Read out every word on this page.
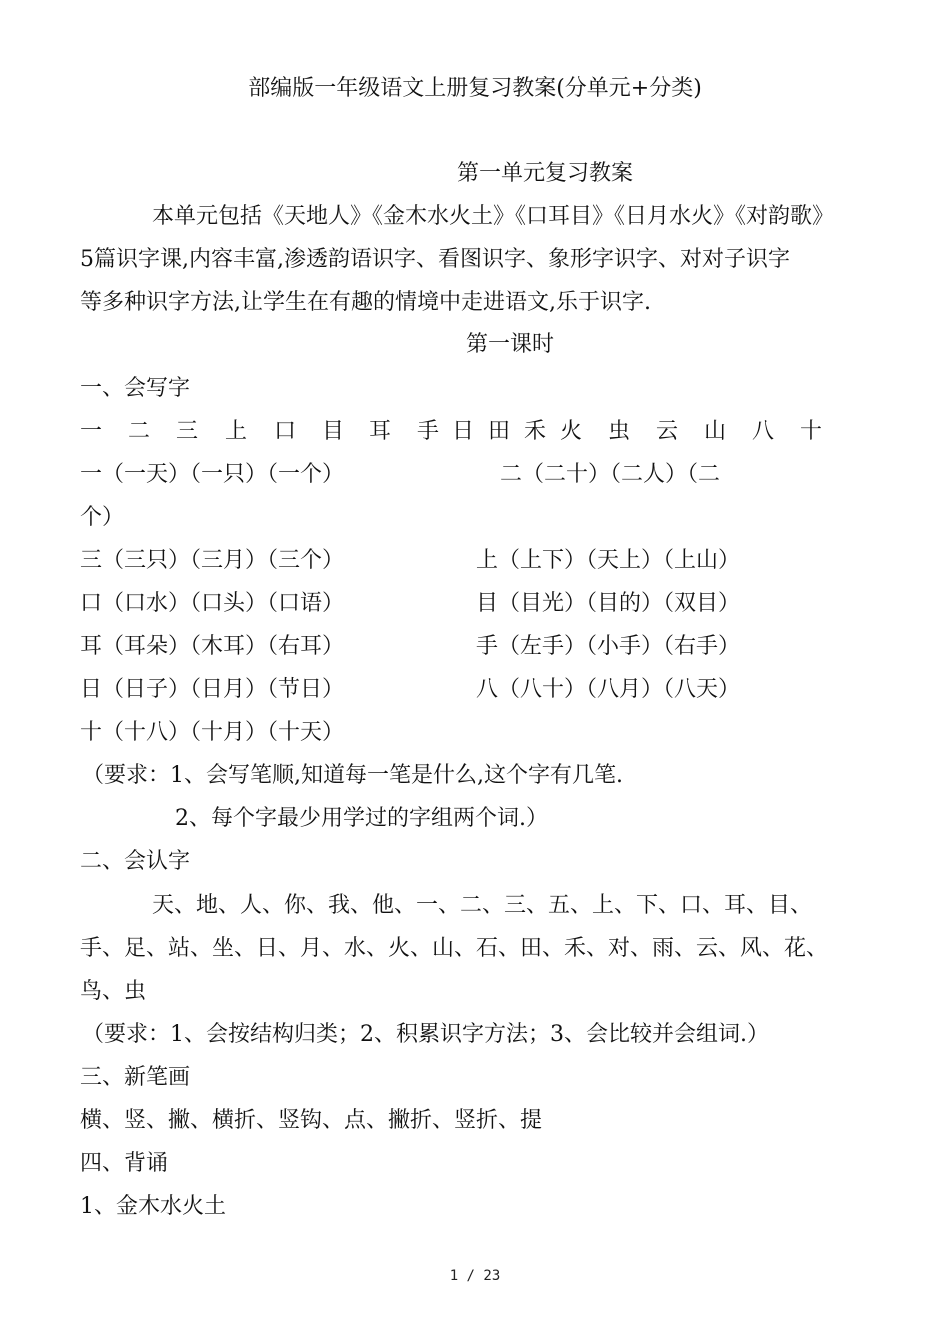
部编版一年级语文上册复习教案(分单元+分类)
第一单元复习教案
本单元包括《天地人》《金木水火土》《口耳目》《日月水火》《对韵歌》
5篇识字课,内容丰富,渗透韵语识字、看图识字、象形字识字、对对子识字
等多种识字方法,让学生在有趣的情境中走进语文,乐于识字.
第一课时
一、会写字
一 二 三 上 口 目 耳 手 日 田 禾 火 虫 云 山 八 十
一（一天）（一只）（一个）	二（二十）（二人）（二
个）
三（三只）（三月）（三个）	上（上下）（天上）（上山）
口（口水）（口头）（口语）	目（目光）（目的）（双目）
耳（耳朵）（木耳）（右耳）	手（左手）（小手）（右手）
日（日子）（日月）（节日）	八（八十）（八月）（八天）
十（十八）（十月）（十天）
（要求：1、会写笔顺,知道每一笔是什么,这个字有几笔.
2、每个字最少用学过的字组两个词.）
二、会认字
天、地、人、你、我、他、一、二、三、五、上、下、口、耳、目、
手、足、站、坐、日、月、水、火、山、石、田、禾、对、雨、云、风、花、
鸟、虫
（要求：1、会按结构归类；2、积累识字方法；3、会比较并会组词.）
三、新笔画
横、竖、撇、横折、竖钩、点、撇折、竖折、提
四、背诵
1、金木水火土
1 / 23
